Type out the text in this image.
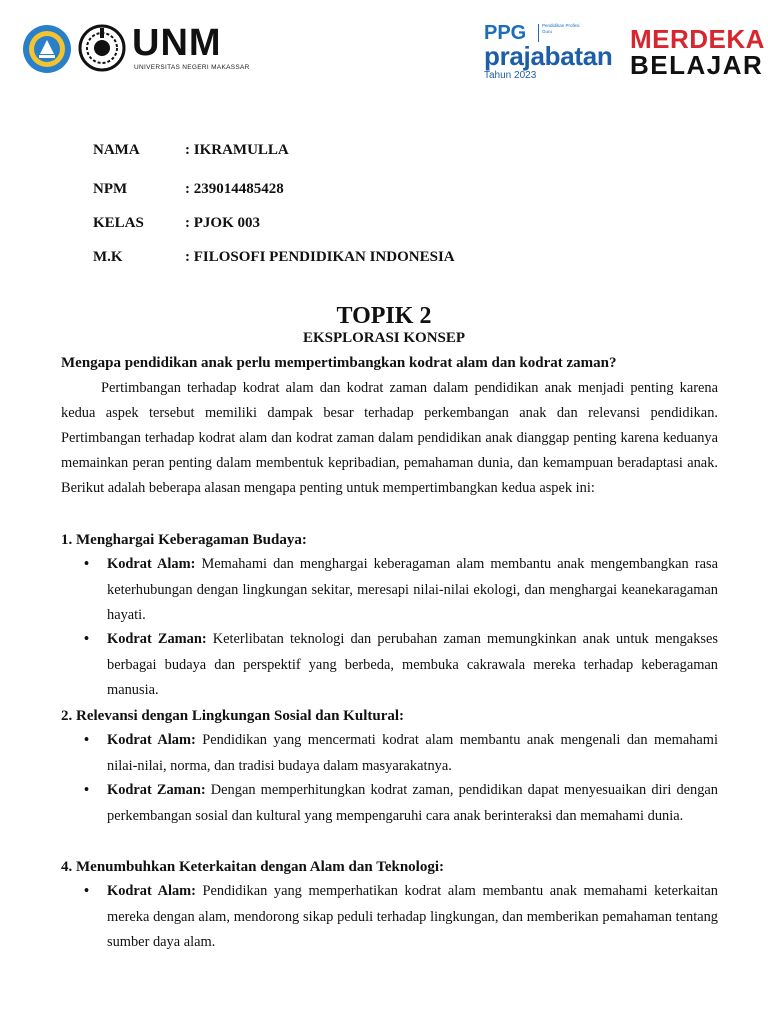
UNM
UNIVERSITAS NEGERI MAKASSAR
PPG	Pendidikan Profesi Guru
prajabatan
Tahun 2023
MERDEKA
BELAJAR
NAMA	: IKRAMULLA
NPM	: 239014485428
KELAS	: PJOK 003
M.K	: FILOSOFI PENDIDIKAN INDONESIA
TOPIK 2
EKSPLORASI KONSEP
Mengapa pendidikan anak perlu mempertimbangkan kodrat alam dan kodrat zaman?

Pertimbangan terhadap kodrat alam dan kodrat zaman dalam pendidikan anak menjadi penting karena kedua aspek tersebut memiliki dampak besar terhadap perkembangan anak dan relevansi pendidikan. Pertimbangan terhadap kodrat alam dan kodrat zaman dalam pendidikan anak dianggap penting karena keduanya memainkan peran penting dalam membentuk kepribadian, pemahaman dunia, dan kemampuan beradaptasi anak. Berikut adalah beberapa alasan mengapa penting untuk mempertimbangkan kedua aspek ini:

1. Menghargai Keberagaman Budaya:
• Kodrat Alam: Memahami dan menghargai keberagaman alam membantu anak mengembangkan rasa keterhubungan dengan lingkungan sekitar, meresapi nilai-nilai ekologi, dan menghargai keanekaragaman hayati.
• Kodrat Zaman: Keterlibatan teknologi dan perubahan zaman memungkinkan anak untuk mengakses berbagai budaya dan perspektif yang berbeda, membuka cakrawala mereka terhadap keberagaman manusia.
2. Relevansi dengan Lingkungan Sosial dan Kultural:
• Kodrat Alam: Pendidikan yang mencermati kodrat alam membantu anak mengenali dan memahami nilai-nilai, norma, dan tradisi budaya dalam masyarakatnya.
• Kodrat Zaman: Dengan memperhitungkan kodrat zaman, pendidikan dapat menyesuaikan diri dengan perkembangan sosial dan kultural yang mempengaruhi cara anak berinteraksi dan memahami dunia.
4. Menumbuhkan Keterkaitan dengan Alam dan Teknologi:
• Kodrat Alam: Pendidikan yang memperhatikan kodrat alam membantu anak memahami keterkaitan mereka dengan alam, mendorong sikap peduli terhadap lingkungan, dan memberikan pemahaman tentang sumber daya alam.
